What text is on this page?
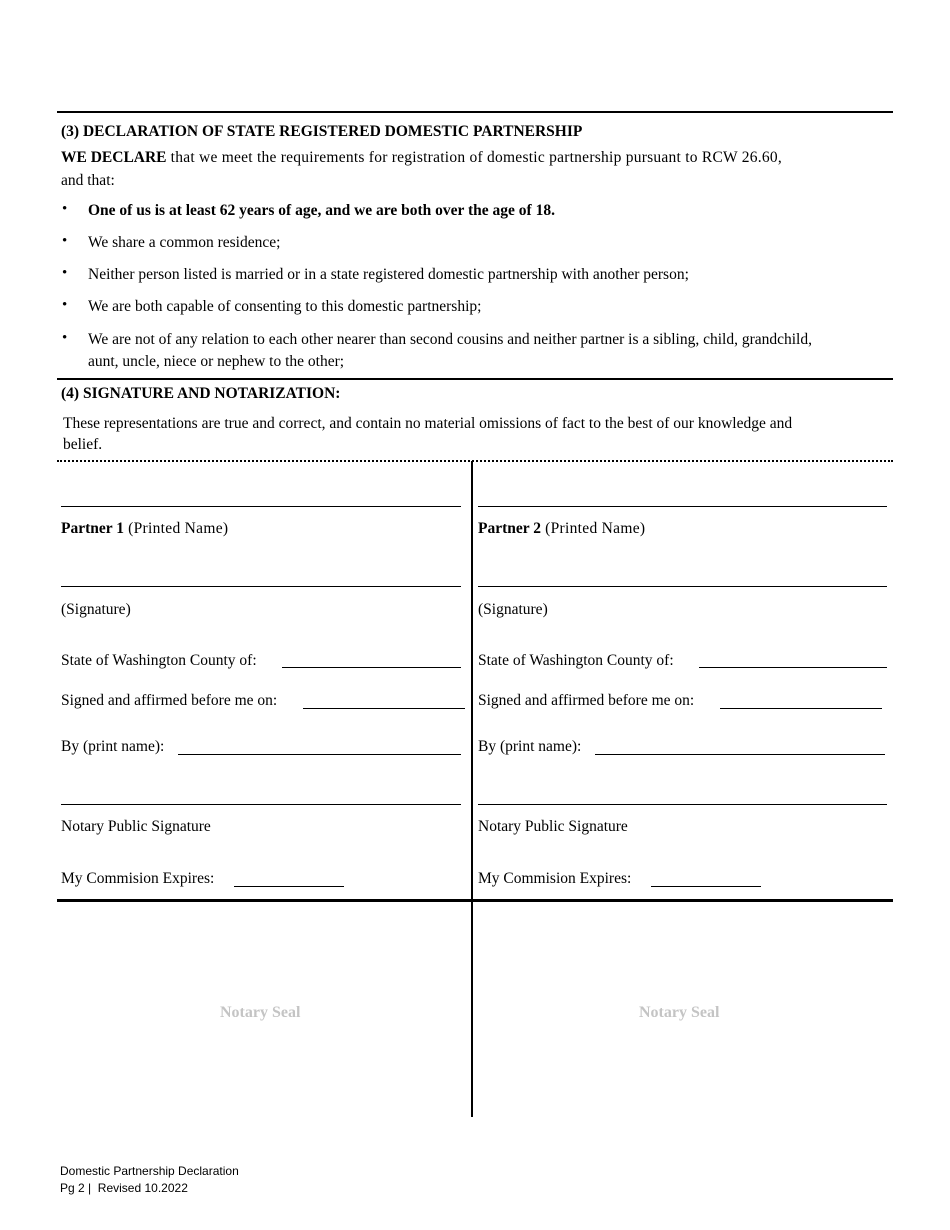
(3) DECLARATION OF STATE REGISTERED DOMESTIC PARTNERSHIP
WE DECLARE that we meet the requirements for registration of domestic partnership pursuant to RCW 26.60,
and that:
• One of us is at least 62 years of age, and we are both over the age of 18.
• We share a common residence;
• Neither person listed is married or in a state registered domestic partnership with another person;
• We are both capable of consenting to this domestic partnership;
• We are not of any relation to each other nearer than second cousins and neither partner is a sibling, child, grandchild,
aunt, uncle, niece or nephew to the other;
(4) SIGNATURE AND NOTARIZATION:
These representations are true and correct, and contain no material omissions of fact to the best of our knowledge and
belief.
Partner 1 (Printed Name)
(Signature)
State of Washington County of:
Signed and affirmed before me on:
By (print name):
Notary Public Signature
My Commision Expires:
Partner 2 (Printed Name)
(Signature)
State of Washington County of:
Signed and affirmed before me on:
By (print name):
Notary Public Signature
My Commision Expires:
Notary Seal	Notary Seal
Domestic Partnership Declaration
Pg 2 |  Revised 10.2022
